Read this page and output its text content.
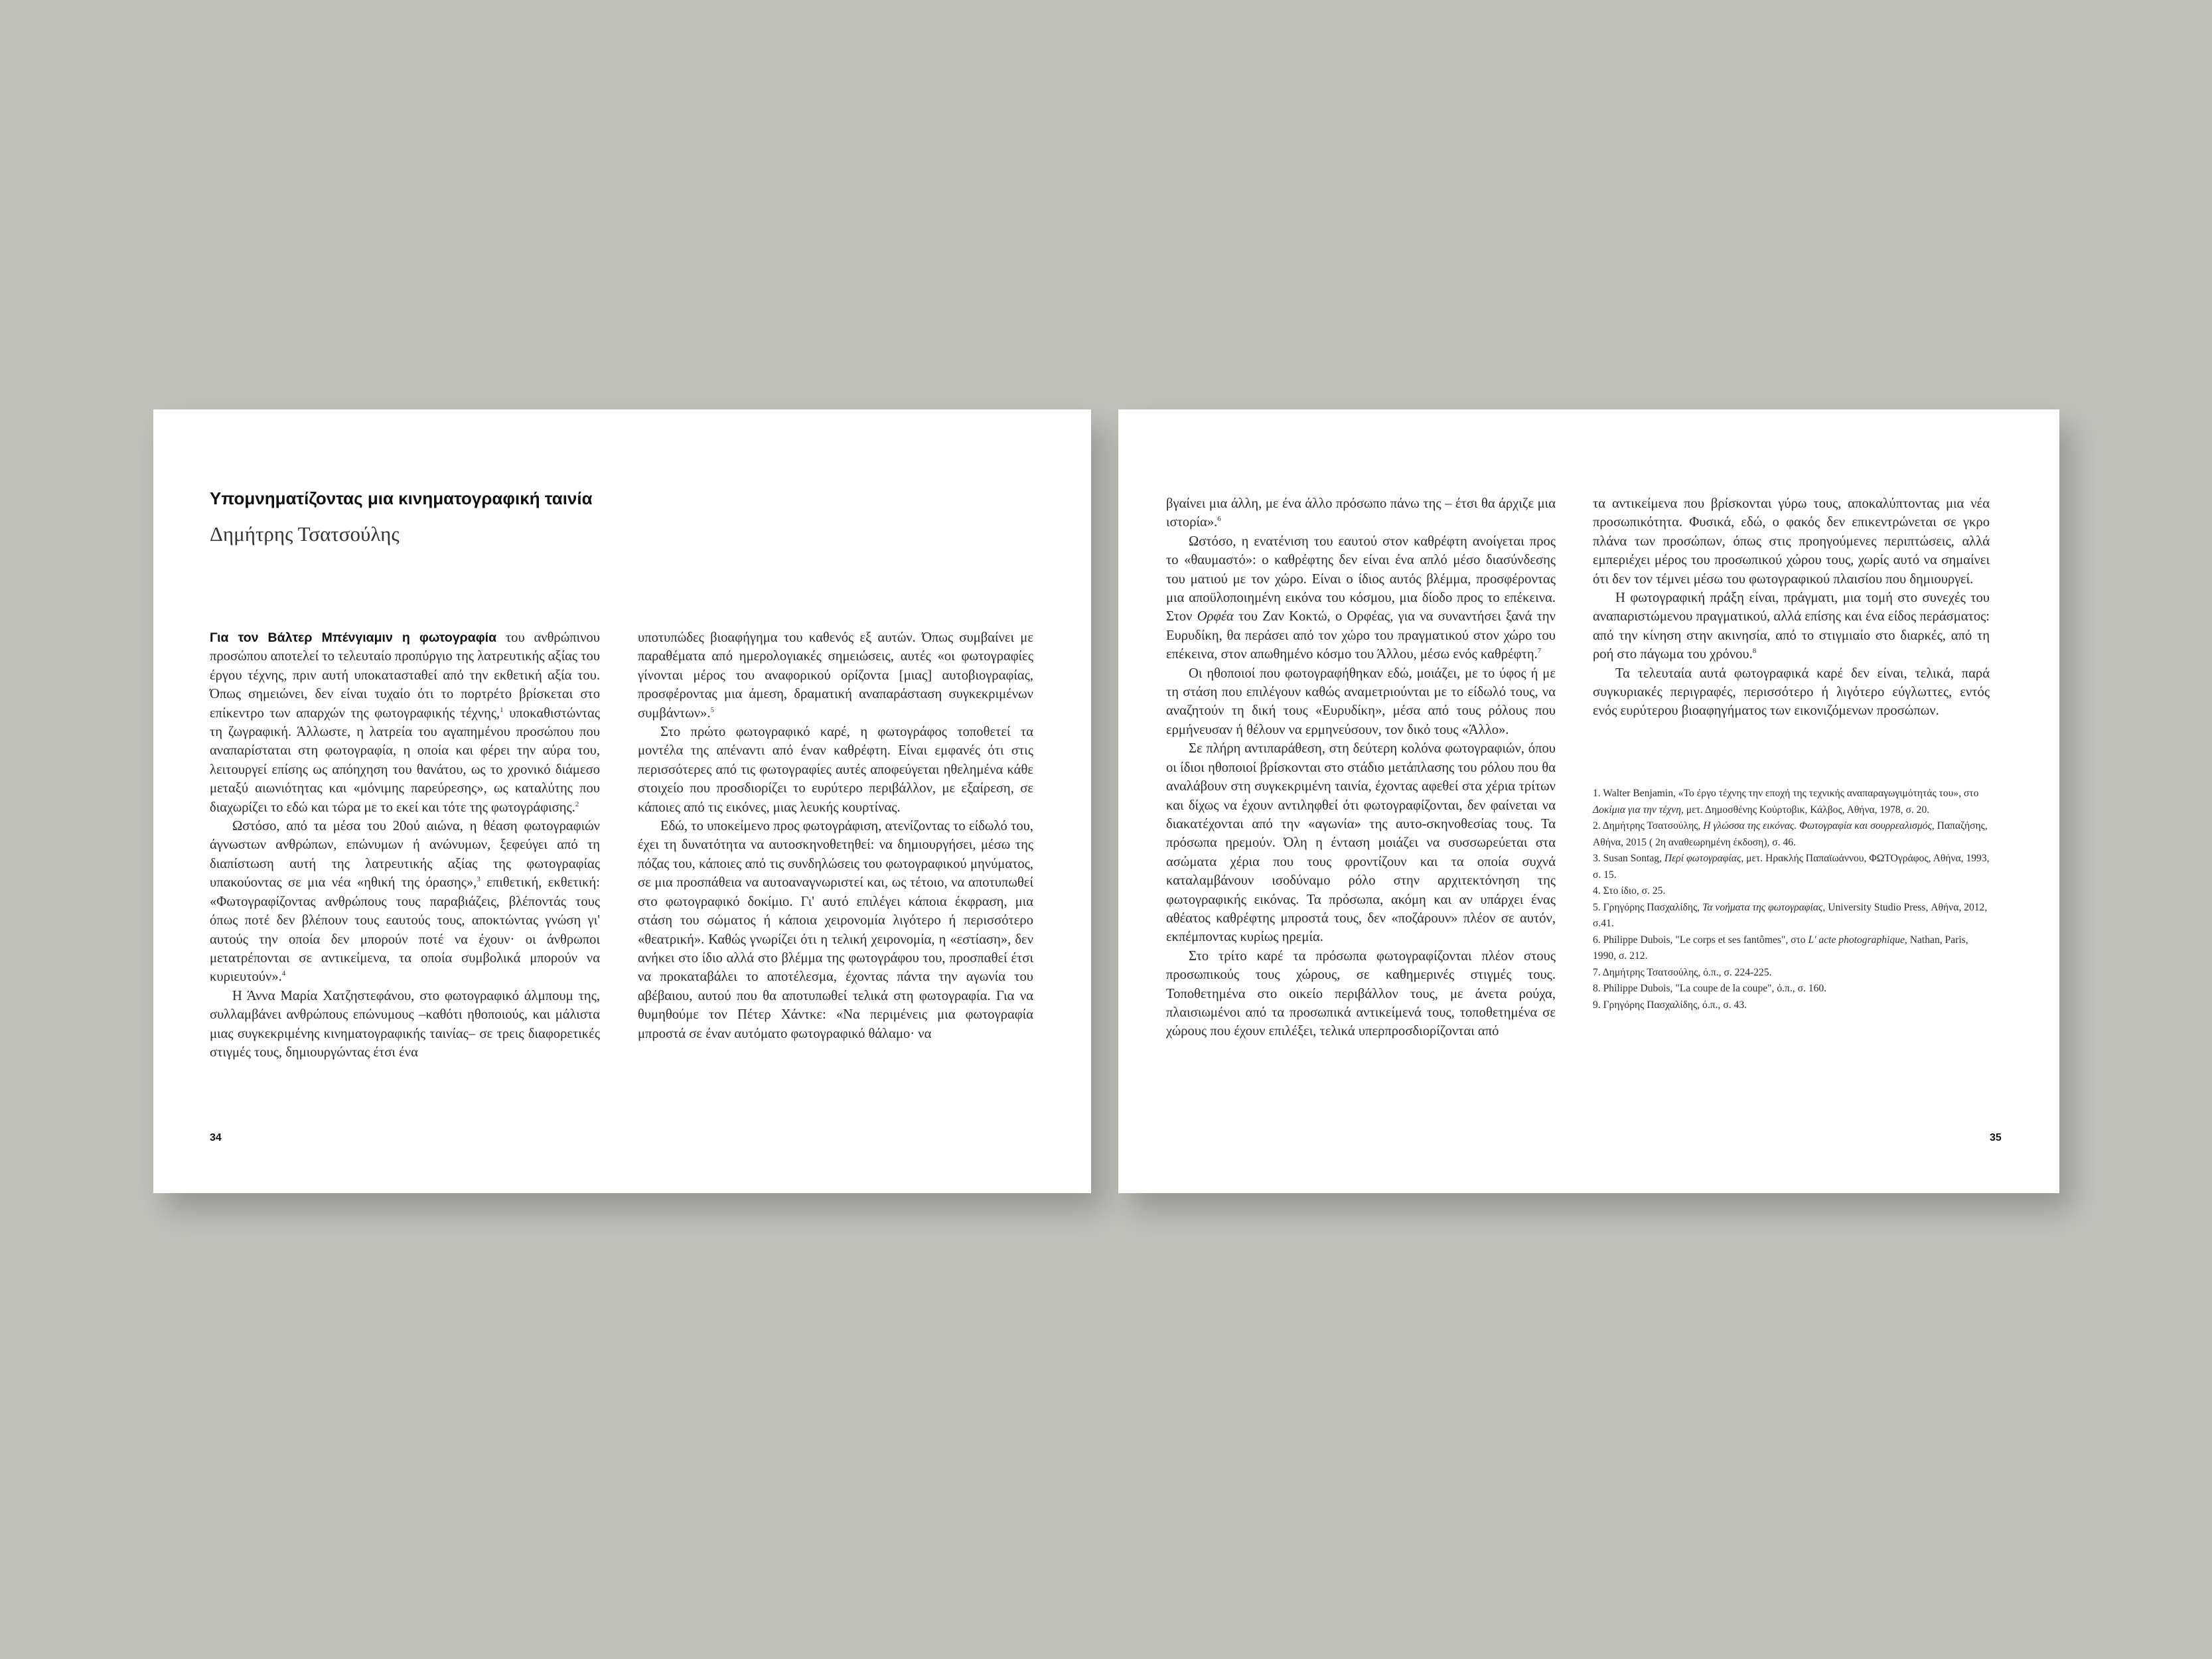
Υπομνηματίζοντας μια κινηματογραφική ταινία
Δημήτρης Τσατσούλης

Για τον Βάλτερ Μπένγιαμιν η φωτογραφία του ανθρώπινου προσώπου αποτελεί το τελευταίο προπύργιο της λατρευτικής αξίας του έργου τέχνης, πριν αυτή υποκατασταθεί από την εκθετική αξία του. Όπως σημειώνει, δεν είναι τυχαίο ότι το πορτρέτο βρίσκεται στο επίκεντρο των απαρχών της φωτογραφικής τέχνης,$^1$ υποκαθιστώντας τη ζωγραφική. Άλλωστε, η λατρεία του αγαπημένου προσώπου που αναπαρίσταται στη φωτογραφία, η οποία και φέρει την αύρα του, λειτουργεί επίσης ως απόηχηση του θανάτου, ως το χρονικό διάμεσο μεταξύ αιωνιότητας και «μόνιμης παρεύρεσης», ως καταλύτης που διαχωρίζει το εδώ και τώρα με το εκεί και τότε της φωτογράφισης.$^2$

Ωστόσο, από τα μέσα του 20ού αιώνα, η θέαση φωτογραφιών άγνωστων ανθρώπων, επώνυμων ή ανώνυμων, ξεφεύγει από τη διαπίστωση αυτή της λατρευτικής αξίας της φωτογραφίας υπακούοντας σε μια νέα «ηθική της όρασης»,$^3$ επιθετική, εκθετική: «Φωτογραφίζοντας ανθρώπους τους παραβιάζεις, βλέποντάς τους όπως ποτέ δεν βλέπουν τους εαυτούς τους, αποκτώντας γνώση γι' αυτούς την οποία δεν μπορούν ποτέ να έχουν· οι άνθρωποι μετατρέπονται σε αντικείμενα, τα οποία συμβολικά μπορούν να κυριευτούν».$^4$

Η Άννα Μαρία Χατζηστεφάνου, στο φωτογραφικό άλμπουμ της, συλλαμβάνει ανθρώπους επώνυμους –καθότι ηθοποιούς, και μάλιστα μιας συγκεκριμένης κινηματογραφικής ταινίας– σε τρεις διαφορετικές στιγμές τους, δημιουργώντας έτσι ένα

υποτυπώδες βιοαφήγημα του καθενός εξ αυτών. Όπως συμβαίνει με παραθέματα από ημερολογιακές σημειώσεις, αυτές «οι φωτογραφίες γίνονται μέρος του αναφορικού ορίζοντα [μιας] αυτοβιογραφίας, προσφέροντας μια άμεση, δραματική αναπαράσταση συγκεκριμένων συμβάντων».$^5$

Στο πρώτο φωτογραφικό καρέ, η φωτογράφος τοποθετεί τα μοντέλα της απέναντι από έναν καθρέφτη. Είναι εμφανές ότι στις περισσότερες από τις φωτογραφίες αυτές αποφεύγεται ηθελημένα κάθε στοιχείο που προσδιορίζει το ευρύτερο περιβάλλον, με εξαίρεση, σε κάποιες από τις εικόνες, μιας λευκής κουρτίνας.

Εδώ, το υποκείμενο προς φωτογράφιση, ατενίζοντας το είδωλό του, έχει τη δυνατότητα να αυτοσκηνοθετηθεί: να δημιουργήσει, μέσω της πόζας του, κάποιες από τις συνδηλώσεις του φωτογραφικού μηνύματος, σε μια προσπάθεια να αυτοαναγνωριστεί και, ως τέτοιο, να αποτυπωθεί στο φωτογραφικό δοκίμιο. Γι' αυτό επιλέγει κάποια έκφραση, μια στάση του σώματος ή κάποια χειρονομία λιγότερο ή περισσότερο «θεατρική». Καθώς γνωρίζει ότι η τελική χειρονομία, η «εστίαση», δεν ανήκει στο ίδιο αλλά στο βλέμμα της φωτογράφου του, προσπαθεί έτσι να προκαταβάλει το αποτέλεσμα, έχοντας πάντα την αγωνία του αβέβαιου, αυτού που θα αποτυπωθεί τελικά στη φωτογραφία. Για να θυμηθούμε τον Πέτερ Χάντκε: «Να περιμένεις μια φωτογραφία μπροστά σε έναν αυτόματο φωτογραφικό θάλαμο· να

34

βγαίνει μια άλλη, με ένα άλλο πρόσωπο πάνω της – έτσι θα άρχιζε μια ιστορία».$^6$

Ωστόσο, η ενατένιση του εαυτού στον καθρέφτη ανοίγεται προς το «θαυμαστό»: ο καθρέφτης δεν είναι ένα απλό μέσο διασύνδεσης του ματιού με τον χώρο. Είναι ο ίδιος αυτός βλέμμα, προσφέροντας μια αποϋλοποιημένη εικόνα του κόσμου, μια δίοδο προς το επέκεινα. Στον Ορφέα του Ζαν Κοκτώ, ο Ορφέας, για να συναντήσει ξανά την Ευρυδίκη, θα περάσει από τον χώρο του πραγματικού στον χώρο του επέκεινα, στον απωθημένο κόσμο του Άλλου, μέσω ενός καθρέφτη.$^7$

Οι ηθοποιοί που φωτογραφήθηκαν εδώ, μοιάζει, με το ύφος ή με τη στάση που επιλέγουν καθώς αναμετριούνται με το είδωλό τους, να αναζητούν τη δική τους «Ευρυδίκη», μέσα από τους ρόλους που ερμήνευσαν ή θέλουν να ερμηνεύσουν, τον δικό τους «Άλλο».

Σε πλήρη αντιπαράθεση, στη δεύτερη κολόνα φωτογραφιών, όπου οι ίδιοι ηθοποιοί βρίσκονται στο στάδιο μετάπλασης του ρόλου που θα αναλάβουν στη συγκεκριμένη ταινία, έχοντας αφεθεί στα χέρια τρίτων και δίχως να έχουν αντιληφθεί ότι φωτογραφίζονται, δεν φαίνεται να διακατέχονται από την «αγωνία» της αυτο-σκηνοθεσίας τους. Τα πρόσωπα ηρεμούν. Όλη η ένταση μοιάζει να συσσωρεύεται στα ασώματα χέρια που τους φροντίζουν και τα οποία συχνά καταλαμβάνουν ισοδύναμο ρόλο στην αρχιτεκτόνηση της φωτογραφικής εικόνας. Τα πρόσωπα, ακόμη και αν υπάρχει ένας αθέατος καθρέφτης μπροστά τους, δεν «ποζάρουν» πλέον σε αυτόν, εκπέμποντας κυρίως ηρεμία.

Στο τρίτο καρέ τα πρόσωπα φωτογραφίζονται πλέον στους προσωπικούς τους χώρους, σε καθημερινές στιγμές τους. Τοποθετημένα στο οικείο περιβάλλον τους, με άνετα ρούχα, πλαισιωμένοι από τα προσωπικά αντικείμενά τους, τοποθετημένα σε χώρους που έχουν επιλέξει, τελικά υπερπροσδιορίζονται από

τα αντικείμενα που βρίσκονται γύρω τους, αποκαλύπτοντας μια νέα προσωπικότητα. Φυσικά, εδώ, ο φακός δεν επικεντρώνεται σε γκρο πλάνα των προσώπων, όπως στις προηγούμενες περιπτώσεις, αλλά εμπεριέχει μέρος του προσωπικού χώρου τους, χωρίς αυτό να σημαίνει ότι δεν τον τέμνει μέσω του φωτογραφικού πλαισίου που δημιουργεί.

Η φωτογραφική πράξη είναι, πράγματι, μια τομή στο συνεχές του αναπαριστώμενου πραγματικού, αλλά επίσης και ένα είδος περάσματος: από την κίνηση στην ακινησία, από το στιγμιαίο στο διαρκές, από τη ροή στο πάγωμα του χρόνου.$^8$

Τα τελευταία αυτά φωτογραφικά καρέ δεν είναι, τελικά, παρά συγκυριακές περιγραφές, περισσότερο ή λιγότερο εύγλωττες, εντός ενός ευρύτερου βιοαφηγήματος των εικονιζόμενων προσώπων.

1. Walter Benjamin, «Το έργο τέχνης την εποχή της τεχνικής αναπαραγωγιμότητάς του», στο Δοκίμια για την τέχνη, μετ. Δημοσθένης Κούρτοβικ, Κάλβος, Αθήνα, 1978, σ. 20.

2. Δημήτρης Τσατσούλης, Η γλώσσα της εικόνας. Φωτογραφία και σουρρεαλισμός, Παπαζήσης, Αθήνα, 2015 ( 2η αναθεωρημένη έκδοση), σ. 46.

3. Susan Sontag, Περί φωτογραφίας, μετ. Ηρακλής Παπαϊωάννου, ΦΩΤΟγράφος, Αθήνα, 1993, σ. 15.

4. Στο ίδιο, σ. 25.

5. Γρηγόρης Πασχαλίδης, Τα νοήματα της φωτογραφίας, University Studio Press, Αθήνα, 2012, σ.41.

6. Philippe Dubois, "Le corps et ses fantômes", στο L' acte photographique, Nathan, Paris, 1990, σ. 212.

7. Δημήτρης Τσατσούλης, ό.π., σ. 224-225.

8. Philippe Dubois, "La coupe de la coupe", ό.π., σ. 160.

9. Γρηγόρης Πασχαλίδης, ό.π., σ. 43.

35
